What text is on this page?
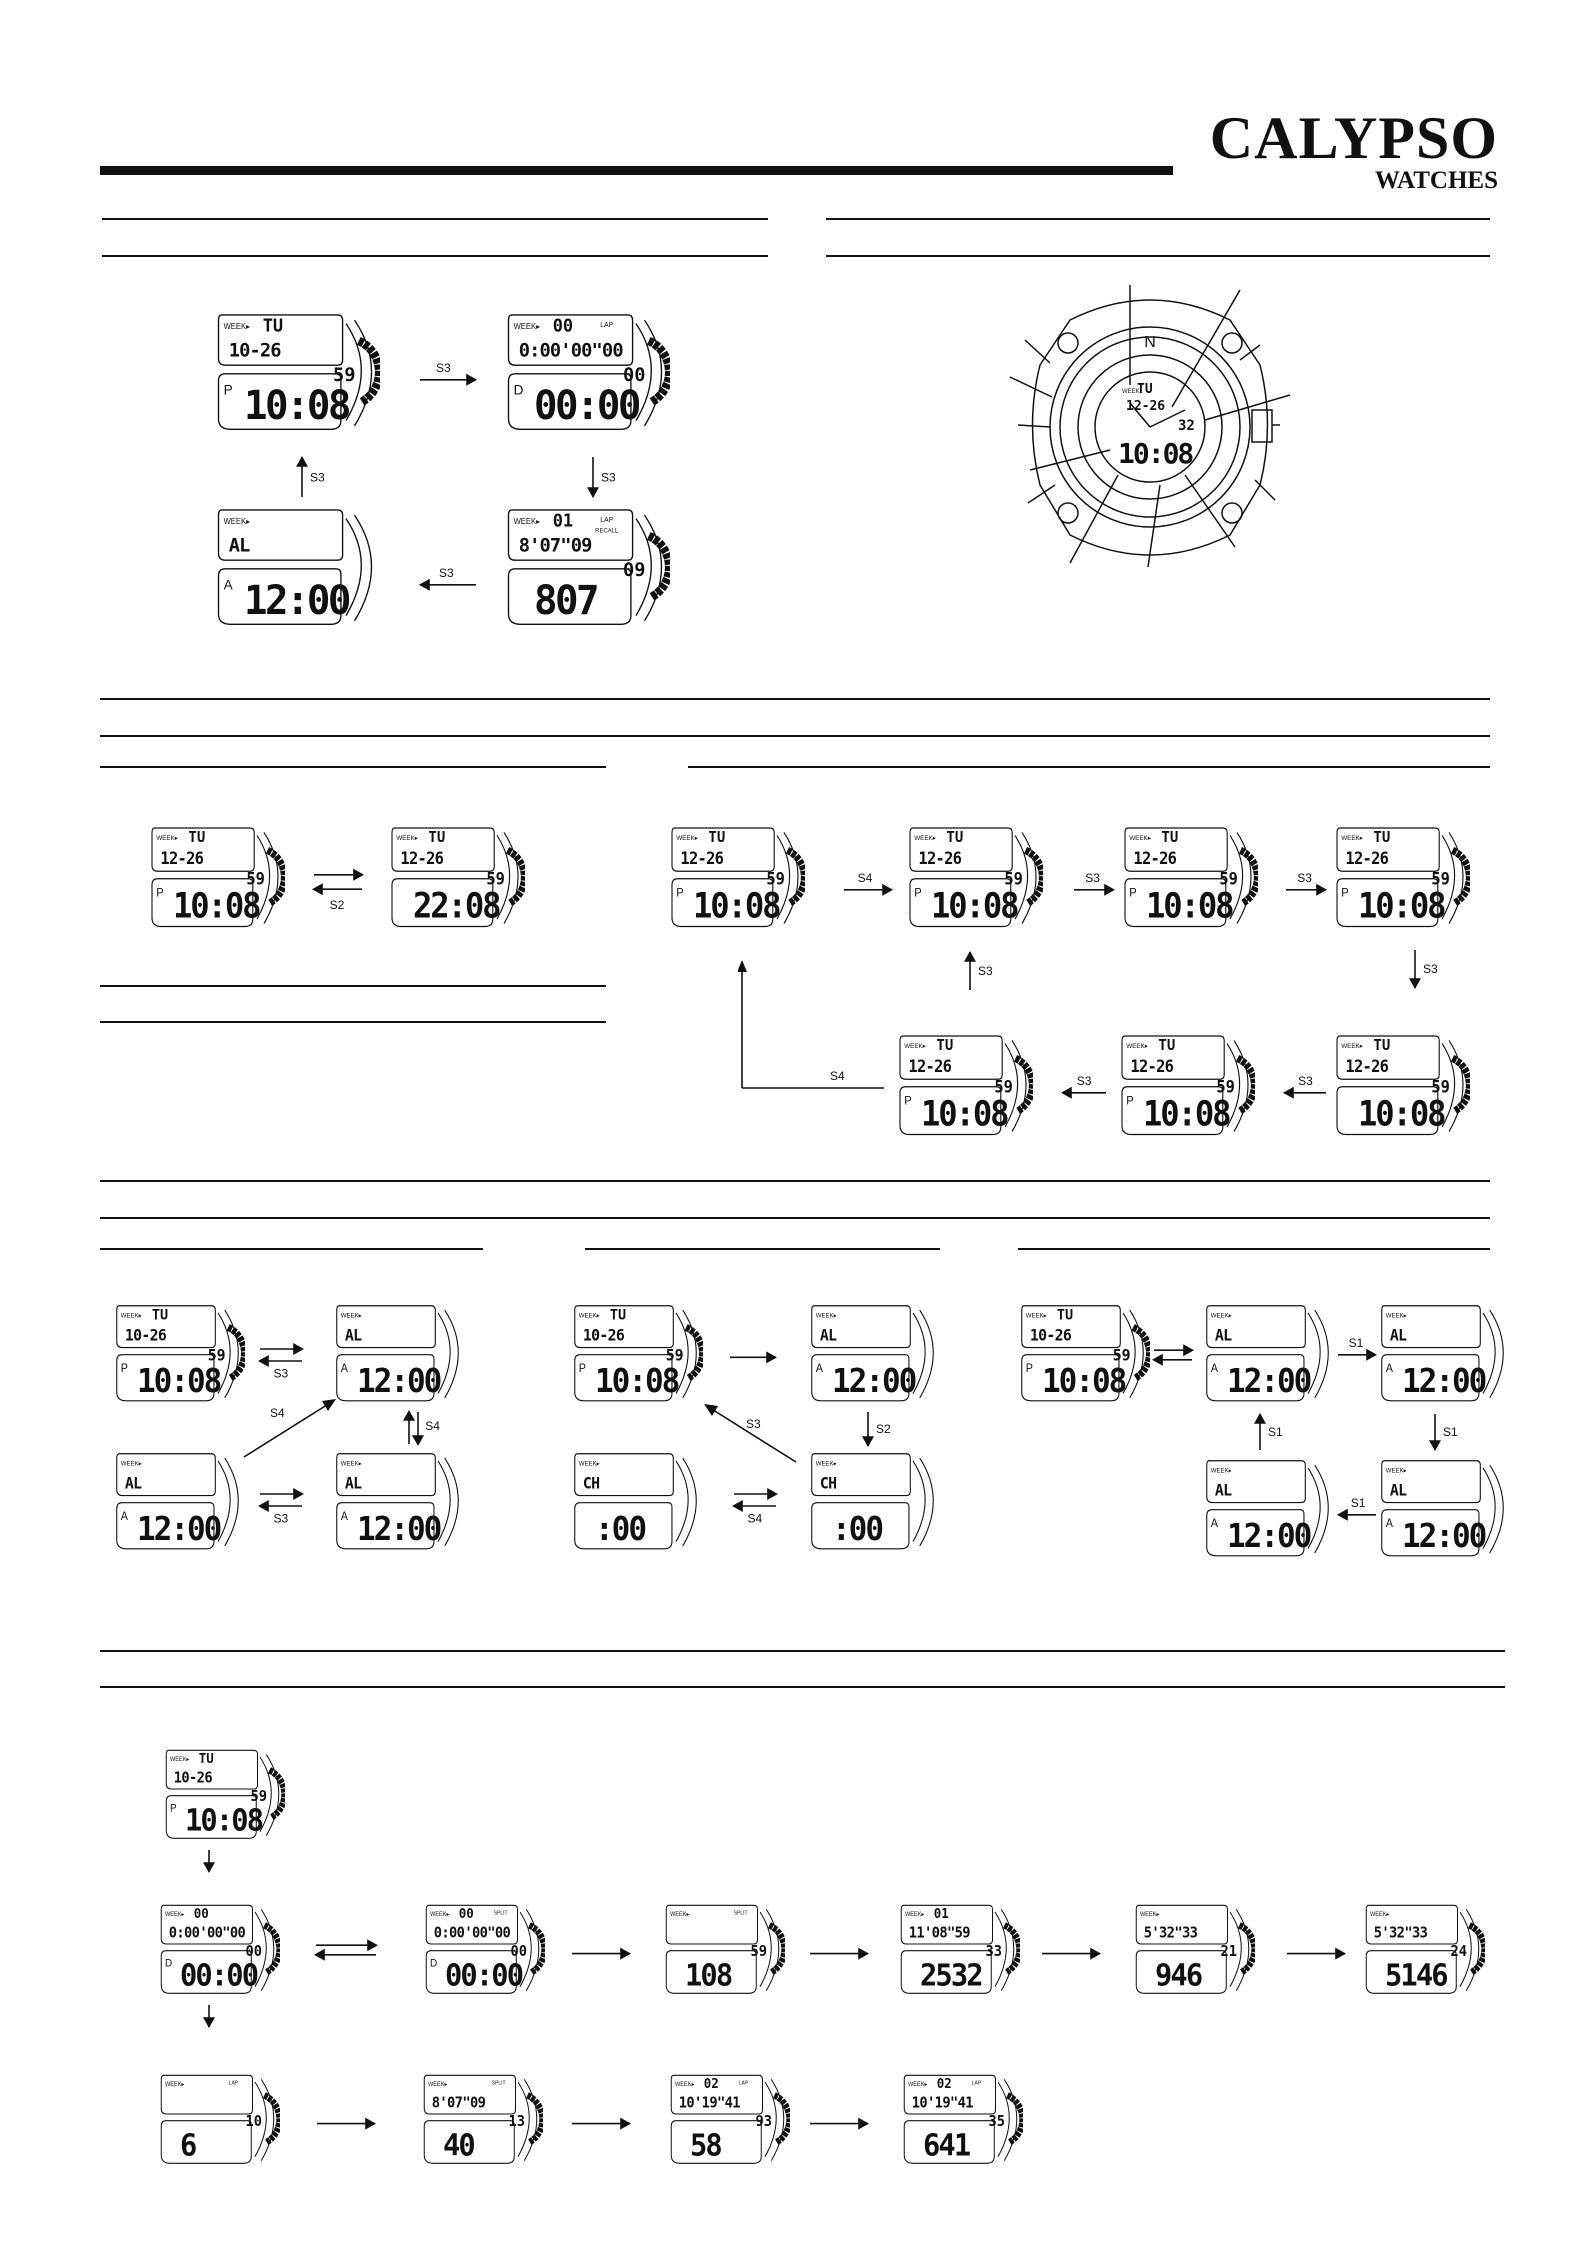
CALYPSO
WATCHES
WEEK▸ TU
10-26
59
P 10:08
WEEK▸ 00	LAP
0:00'00"00
00
D 00:00
WEEK▸ 01	LAP
RECALL
8'07"09
09
807
WEEK▸
AL
A 12:00
S3
S3
S3
S3
N
WEEK
TU
12-26
32
10:08
WEEK▸ TU
12-26
59
P 10:08
WEEK▸ TU
12-26
59
22:08
S2
WEEK▸ TU
12-26
59
P 10:08
WEEK▸ TU
12-26
59
P 10:08
WEEK▸ TU
12-26
59
P 10:08
WEEK▸ TU
12-26
59
P 10:08
WEEK▸ TU
12-26
59
10:08
WEEK▸ TU
12-26
59
P 10:08
WEEK▸ TU
12-26
59
P 10:08
S4	S3	S3
S3
S3
S3
S3
S4
WEEK▸ TU
10-26
59
P 10:08
WEEK▸
AL
A 12:00
WEEK▸
AL
A 12:00
WEEK▸
AL
A 12:00
S3
S3
S4
S4
WEEK▸ TU
10-26
59
P 10:08
WEEK▸
AL
A 12:00
WEEK▸
CH
:00
WEEK▸
CH
:00
S2
S4
S3
WEEK▸ TU
10-26
59
P 10:08
WEEK▸
AL
A 12:00
WEEK▸
AL
A 12:00
WEEK▸
AL
A 12:00
WEEK▸
AL
A 12:00
S1
S1
S1
S1
WEEK▸ TU
10-26
59
P 10:08
WEEK▸ 00
0:00'00"00
00
D 00:00
WEEK▸ 00 SPLIT
0:00'00"00
00
D 00:00
WEEK▸	SPLIT
59
108
WEEK▸ 01
11'08"59
33
2532
WEEK▸
5'32"33
21
946
WEEK▸
5'32"33
24
5146
WEEK▸	LAP
10
6
WEEK▸	SPLIT
8'07"09
13
40
WEEK▸ 02 LAP
10'19"41
93
58
WEEK▸ 02 LAP
10'19"41
35
641
